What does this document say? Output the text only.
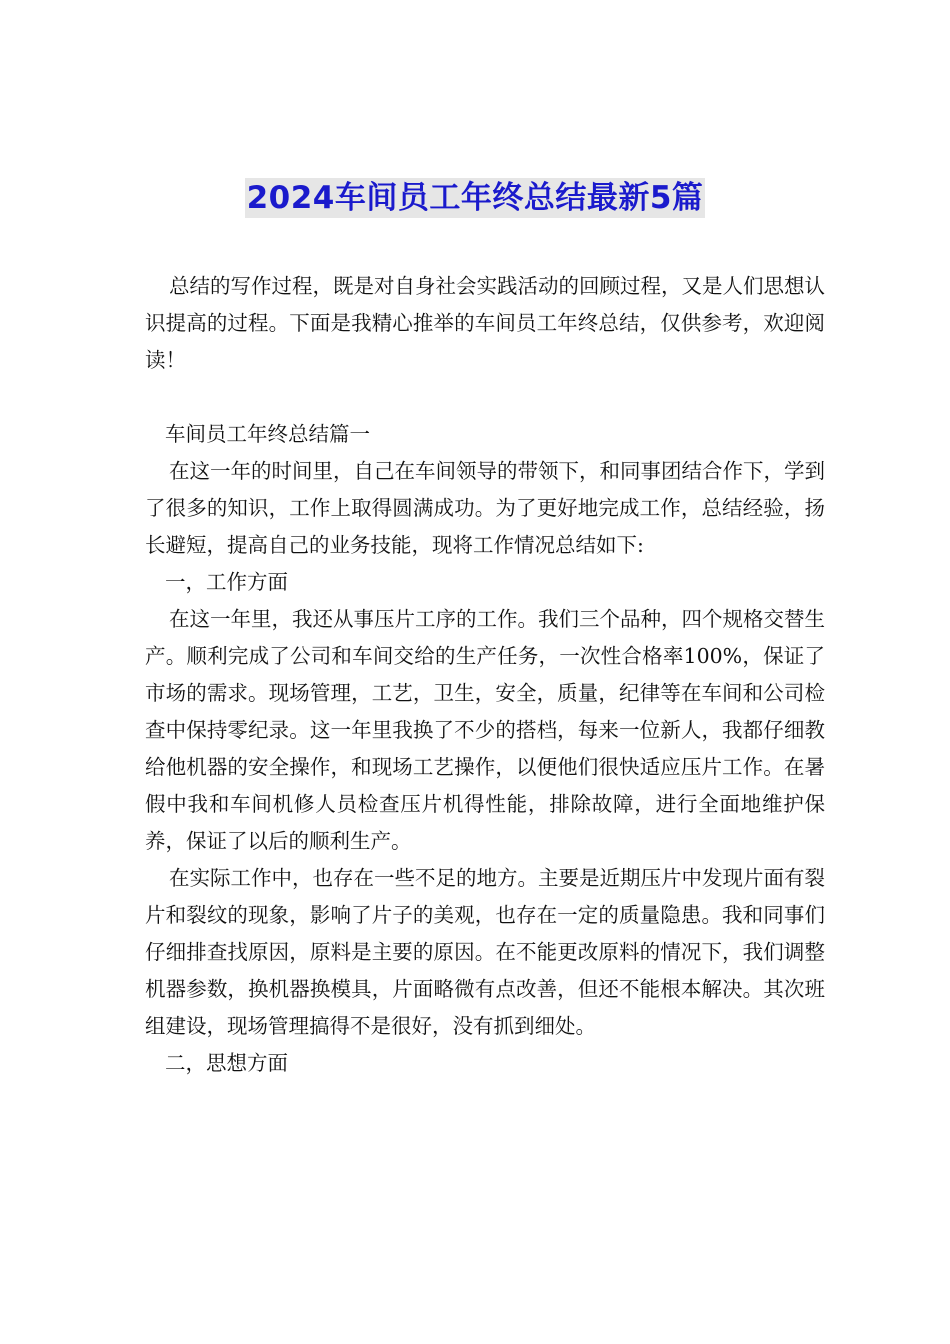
2024车间员工年终总结最新5篇

总结的写作过程，既是对自身社会实践活动的回顾过程，又是人们思想认识提高的过程。下面是我精心推举的车间员工年终总结，仅供参考，欢迎阅读！

车间员工年终总结篇一

在这一年的时间里，自己在车间领导的带领下，和同事团结合作下，学到了很多的知识，工作上取得圆满成功。为了更好地完成工作，总结经验，扬长避短，提高自己的业务技能，现将工作情况总结如下:

一，工作方面

在这一年里，我还从事压片工序的工作。我们三个品种，四个规格交替生产。顺利完成了公司和车间交给的生产任务，一次性合格率100%，保证了市场的需求。现场管理，工艺，卫生，安全，质量，纪律等在车间和公司检查中保持零纪录。这一年里我换了不少的搭档，每来一位新人，我都仔细教给他机器的安全操作，和现场工艺操作，以便他们很快适应压片工作。在暑假中我和车间机修人员检查压片机得性能，排除故障，进行全面地维护保养，保证了以后的顺利生产。

在实际工作中，也存在一些不足的地方。主要是近期压片中发现片面有裂片和裂纹的现象，影响了片子的美观，也存在一定的质量隐患。我和同事们仔细排查找原因，原料是主要的原因。在不能更改原料的情况下，我们调整机器参数，换机器换模具，片面略微有点改善，但还不能根本解决。其次班组建设，现场管理搞得不是很好，没有抓到细处。

二，思想方面
